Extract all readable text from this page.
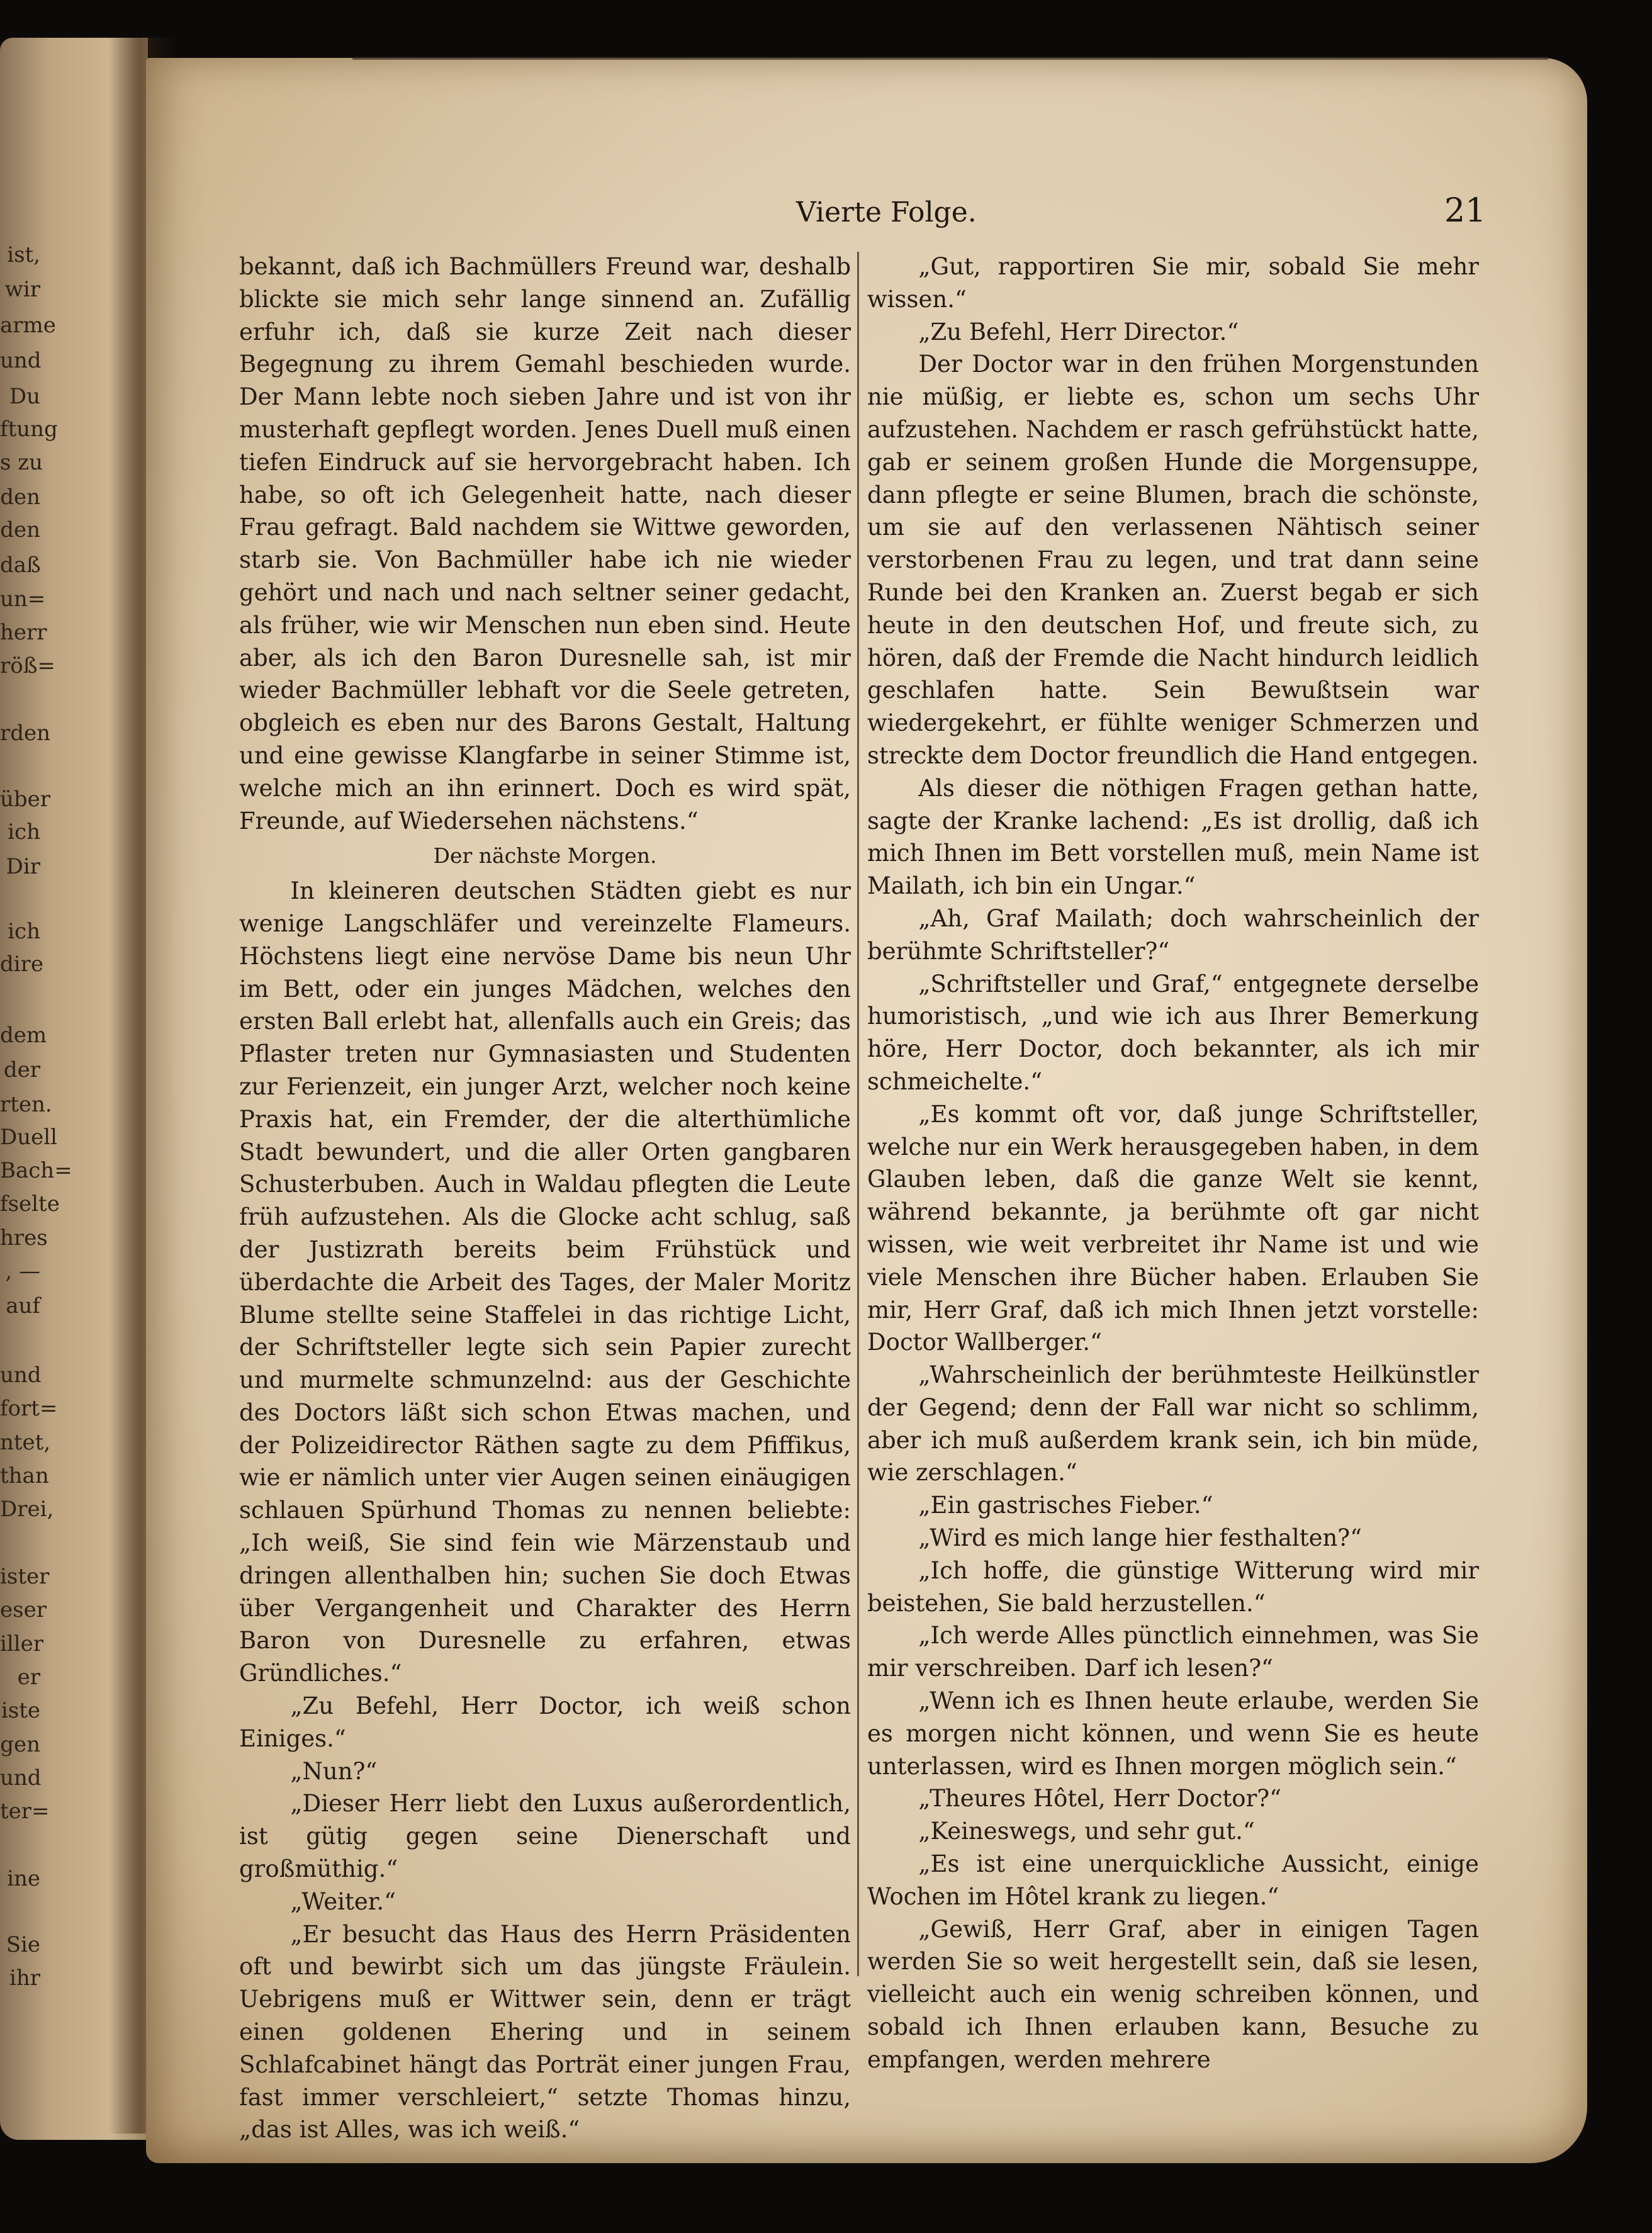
ist,
wir
arme
und
Du
ftung
s zu
den
den
daß
un=
herr
röß=
rden
über
ich
Dir
ich
dire
dem
der
rten.
Duell
Bach=
fselte
hres
, —
auf
und
fort=
ntet,
than
Drei,
ister
eser
iller
er
iste
gen
und
ter=
ine
Sie
ihr
Vierte Folge.	21

bekannt, daß ich Bachmüllers Freund war, deshalb blickte sie mich sehr lange sinnend an. Zufällig erfuhr ich, daß sie kurze Zeit nach dieser Begegnung zu ihrem Gemahl beschieden wurde. Der Mann lebte noch sieben Jahre und ist von ihr musterhaft gepflegt worden. Jenes Duell muß einen tiefen Eindruck auf sie hervorgebracht haben. Ich habe, so oft ich Gelegenheit hatte, nach dieser Frau gefragt. Bald nachdem sie Wittwe geworden, starb sie. Von Bachmüller habe ich nie wieder gehört und nach und nach seltner seiner gedacht, als früher, wie wir Menschen nun eben sind. Heute aber, als ich den Baron Duresnelle sah, ist mir wieder Bachmüller lebhaft vor die Seele getreten, obgleich es eben nur des Barons Gestalt, Haltung und eine gewisse Klangfarbe in seiner Stimme ist, welche mich an ihn erinnert. Doch es wird spät, Freunde, auf Wiedersehen nächstens.“

Der nächste Morgen.

In kleineren deutschen Städten giebt es nur wenige Langschläfer und vereinzelte Flameurs. Höchstens liegt eine nervöse Dame bis neun Uhr im Bett, oder ein junges Mädchen, welches den ersten Ball erlebt hat, allenfalls auch ein Greis; das Pflaster treten nur Gymnasiasten und Studenten zur Ferienzeit, ein junger Arzt, welcher noch keine Praxis hat, ein Fremder, der die alterthümliche Stadt bewundert, und die aller Orten gangbaren Schusterbuben. Auch in Waldau pflegten die Leute früh aufzustehen. Als die Glocke acht schlug, saß der Justizrath bereits beim Frühstück und überdachte die Arbeit des Tages, der Maler Moritz Blume stellte seine Staffelei in das richtige Licht, der Schriftsteller legte sich sein Papier zurecht und murmelte schmunzelnd: aus der Geschichte des Doctors läßt sich schon Etwas machen, und der Polizeidirector Räthen sagte zu dem Pfiffikus, wie er nämlich unter vier Augen seinen einäugigen schlauen Spürhund Thomas zu nennen beliebte: „Ich weiß, Sie sind fein wie Märzenstaub und dringen allenthalben hin; suchen Sie doch Etwas über Vergangenheit und Charakter des Herrn Baron von Duresnelle zu erfahren, etwas Gründliches.“

„Zu Befehl, Herr Doctor, ich weiß schon Einiges.“

„Nun?“

„Dieser Herr liebt den Luxus außerordentlich, ist gütig gegen seine Dienerschaft und großmüthig.“

„Weiter.“

„Er besucht das Haus des Herrn Präsidenten oft und bewirbt sich um das jüngste Fräulein. Uebrigens muß er Wittwer sein, denn er trägt einen goldenen Ehering und in seinem Schlafcabinet hängt das Porträt einer jungen Frau, fast immer verschleiert,“ setzte Thomas hinzu, „das ist Alles, was ich weiß.“

„Gut, rapportiren Sie mir, sobald Sie mehr wissen.“

„Zu Befehl, Herr Director.“

Der Doctor war in den frühen Morgenstunden nie müßig, er liebte es, schon um sechs Uhr aufzustehen. Nachdem er rasch gefrühstückt hatte, gab er seinem großen Hunde die Morgensuppe, dann pflegte er seine Blumen, brach die schönste, um sie auf den verlassenen Nähtisch seiner verstorbenen Frau zu legen, und trat dann seine Runde bei den Kranken an. Zuerst begab er sich heute in den deutschen Hof, und freute sich, zu hören, daß der Fremde die Nacht hindurch leidlich geschlafen hatte. Sein Bewußtsein war wiedergekehrt, er fühlte weniger Schmerzen und streckte dem Doctor freundlich die Hand entgegen.

Als dieser die nöthigen Fragen gethan hatte, sagte der Kranke lachend: „Es ist drollig, daß ich mich Ihnen im Bett vorstellen muß, mein Name ist Mailath, ich bin ein Ungar.“

„Ah, Graf Mailath; doch wahrscheinlich der berühmte Schriftsteller?“

„Schriftsteller und Graf,“ entgegnete derselbe humoristisch, „und wie ich aus Ihrer Bemerkung höre, Herr Doctor, doch bekannter, als ich mir schmeichelte.“

„Es kommt oft vor, daß junge Schriftsteller, welche nur ein Werk herausgegeben haben, in dem Glauben leben, daß die ganze Welt sie kennt, während bekannte, ja berühmte oft gar nicht wissen, wie weit verbreitet ihr Name ist und wie viele Menschen ihre Bücher haben. Erlauben Sie mir, Herr Graf, daß ich mich Ihnen jetzt vorstelle: Doctor Wallberger.“

„Wahrscheinlich der berühmteste Heilkünstler der Gegend; denn der Fall war nicht so schlimm, aber ich muß außerdem krank sein, ich bin müde, wie zerschlagen.“

„Ein gastrisches Fieber.“

„Wird es mich lange hier festhalten?“

„Ich hoffe, die günstige Witterung wird mir beistehen, Sie bald herzustellen.“

„Ich werde Alles pünctlich einnehmen, was Sie mir verschreiben. Darf ich lesen?“

„Wenn ich es Ihnen heute erlaube, werden Sie es morgen nicht können, und wenn Sie es heute unterlassen, wird es Ihnen morgen möglich sein.“

„Theures Hôtel, Herr Doctor?“

„Keineswegs, und sehr gut.“

„Es ist eine unerquickliche Aussicht, einige Wochen im Hôtel krank zu liegen.“

„Gewiß, Herr Graf, aber in einigen Tagen werden Sie so weit hergestellt sein, daß sie lesen, vielleicht auch ein wenig schreiben können, und sobald ich Ihnen erlauben kann, Besuche zu empfangen, werden mehrere
